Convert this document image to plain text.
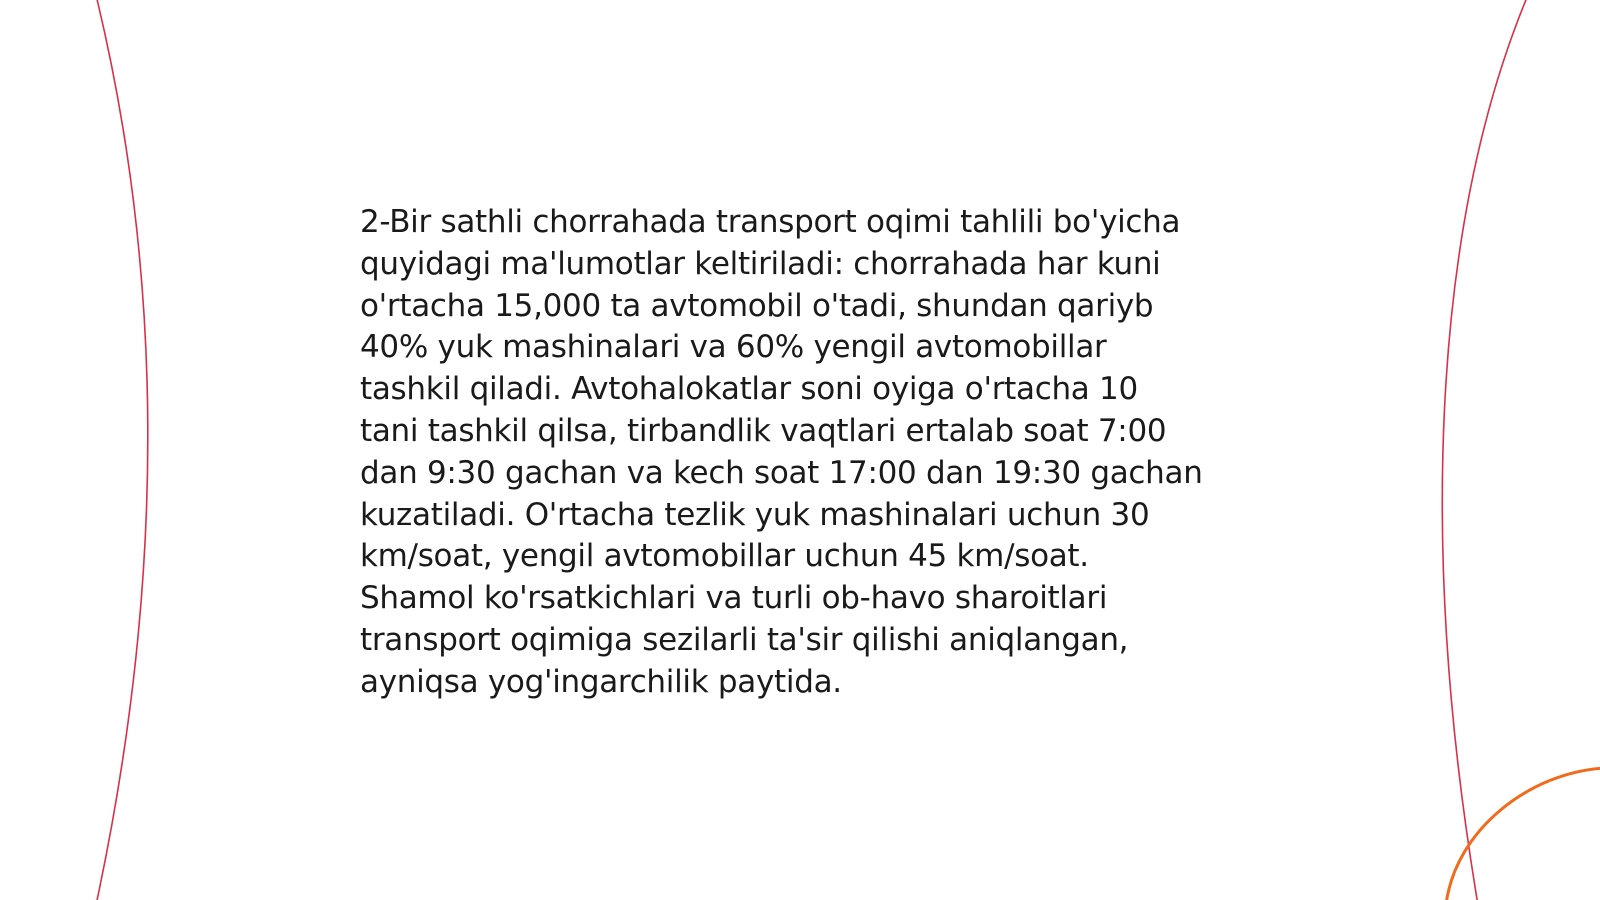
2-Bir sathli chorrahada transport oqimi tahlili bo'yicha
quyidagi ma'lumotlar keltiriladi: chorrahada har kuni
o'rtacha 15,000 ta avtomobil o'tadi, shundan qariyb
40% yuk mashinalari va 60% yengil avtomobillar
tashkil qiladi. Avtohalokatlar soni oyiga o'rtacha 10
tani tashkil qilsa, tirbandlik vaqtlari ertalab soat 7:00
dan 9:30 gachan va kech soat 17:00 dan 19:30 gachan
kuzatiladi. O'rtacha tezlik yuk mashinalari uchun 30
km/soat, yengil avtomobillar uchun 45 km/soat.
Shamol ko'rsatkichlari va turli ob-havo sharoitlari
transport oqimiga sezilarli ta'sir qilishi aniqlangan,
ayniqsa yog'ingarchilik paytida.
